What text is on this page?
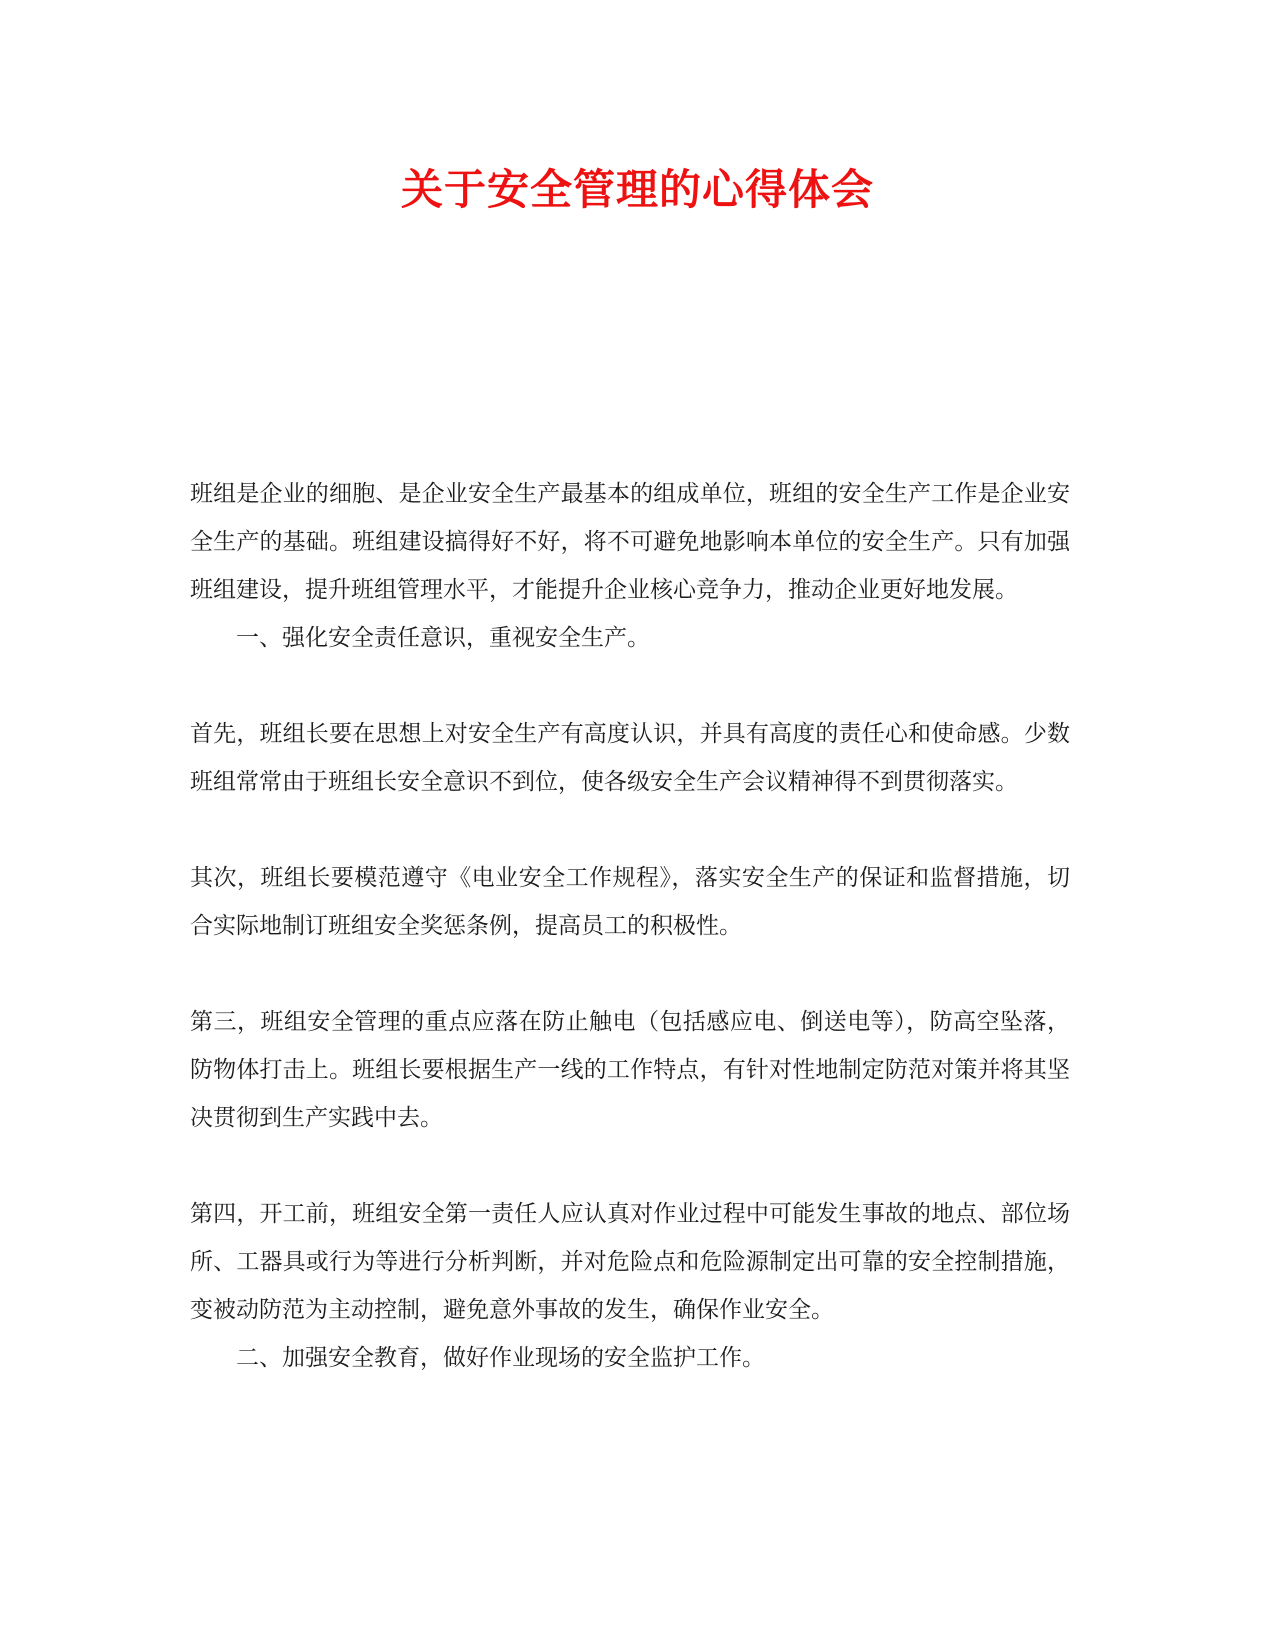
关于安全管理的心得体会

班组是企业的细胞、是企业安全生产最基本的组成单位，班组的安全生产工作是企业安全生产的基础。班组建设搞得好不好，将不可避免地影响本单位的安全生产。只有加强班组建设，提升班组管理水平，才能提升企业核心竞争力，推动企业更好地发展。

一、强化安全责任意识，重视安全生产。

首先，班组长要在思想上对安全生产有高度认识，并具有高度的责任心和使命感。少数班组常常由于班组长安全意识不到位，使各级安全生产会议精神得不到贯彻落实。

其次，班组长要模范遵守《电业安全工作规程》，落实安全生产的保证和监督措施，切合实际地制订班组安全奖惩条例，提高员工的积极性。

第三，班组安全管理的重点应落在防止触电（包括感应电、倒送电等），防高空坠落，防物体打击上。班组长要根据生产一线的工作特点，有针对性地制定防范对策并将其坚决贯彻到生产实践中去。

第四，开工前，班组安全第一责任人应认真对作业过程中可能发生事故的地点、部位场所、工器具或行为等进行分析判断，并对危险点和危险源制定出可靠的安全控制措施，变被动防范为主动控制，避免意外事故的发生，确保作业安全。

二、加强安全教育，做好作业现场的安全监护工作。
